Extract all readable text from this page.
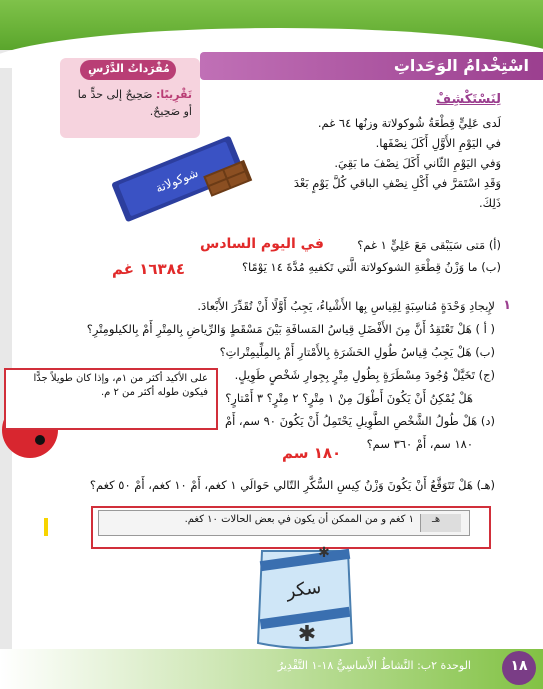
اسْتِخْدامُ الوَحَداتِ
مُفْرَداتُ الدَّرْسِ
تَقْرِيبًا: صَحِيحٌ إلى حدٍّ ما أو صَحِيحٌ.
لِنَسْتَكْشِفْ
لَدى عَلِيٍّ قِطْعَةُ شُوكولاتة وزنُها ٦٤ غم.
في اليَوْمِ الأَوَّلِ أَكَلَ نِصْفَها.
وَفي اليَوْمِ الثّاني أَكَلَ نِصْفَ ما بَقِيَ.
وَقَدِ اسْتَمَرَّ في أَكْلِ نِصْفِ الباقي كُلَّ يَوْمٍ بَعْدَ
ذَلِكَ.
(أ) مَتى سَيَبْقى مَعَ عَلِيٍّ ١ غم؟
في اليوم السادس
(ب) ما وَزْنُ قِطْعَةِ الشوكولاتة الَّتي تَكفيهِ مُدَّةَ ١٤ يَوْمًا؟
١٦٣٨٤ غم
شوكولاتة
١
لإِيجادِ وَحْدَةٍ مُناسِبَةٍ لِقِياسِ بِها الأَشْياءُ، يَجِبُ أَوَّلًا أَنْ تُقَدِّرَ الأَبْعادَ.
( أ ) هَلْ تَعْتَقِدُ أَنَّ مِنَ الأَفْضَلِ قِياسُ المَسافَةِ بَيْنَ مَسْقَطٍ وَالرِّياضِ بِالمِتْرِ أَمْ بِالكيلومِتْرِ؟
(ب) هَلْ يَجِبُ قِياسُ طُولِ الحَشَرَةِ بِالأَمْتارِ أَمْ بِالمِلِّيمِتْراتِ؟
(ج) تَخَيَّلْ وُجُودَ مِسْطَرَةٍ بِطُولِ مِتْرٍ بِجِوارِ شَخْصٍ طَوِيلٍ.
هَلْ يُمْكِنُ أَنْ يَكُونَ أَطْوَلَ مِنْ ١ مِتْرٍ؟ ٢ مِتْرٍ؟ ٣ أَمْتارٍ؟
(د) هَلْ طُولُ الشَّخْصِ الطَّوِيلِ يَحْتَمِلُ أَنْ يَكُونَ ٩٠ سم، أَمْ
١٨٠ سم، أَمْ ٣٦٠ سم؟
١٨٠ سم
(هـ) هَلْ تَتَوَقَّعُ أَنْ يَكُونَ وَزْنُ كِيسِ السُّكَّرِ التّالي حَوالَي ١ كغم، أَمْ ١٠ كغم، أَمْ ٥٠ كغم؟
على الأكيد أكثر من ١م، وإذا كان طويلاً جدًّا فيكون طوله أكثر من ٢ م.
هـ
١ كغم و من الممكن أن يكون في بعض الحالات ١٠ كغم.
سكر
✱
✱
الوحدة ٢ب: النَّشاطُ الأَساسِيُّ ١٨-١ التَّقْدِيرُ	١٨
